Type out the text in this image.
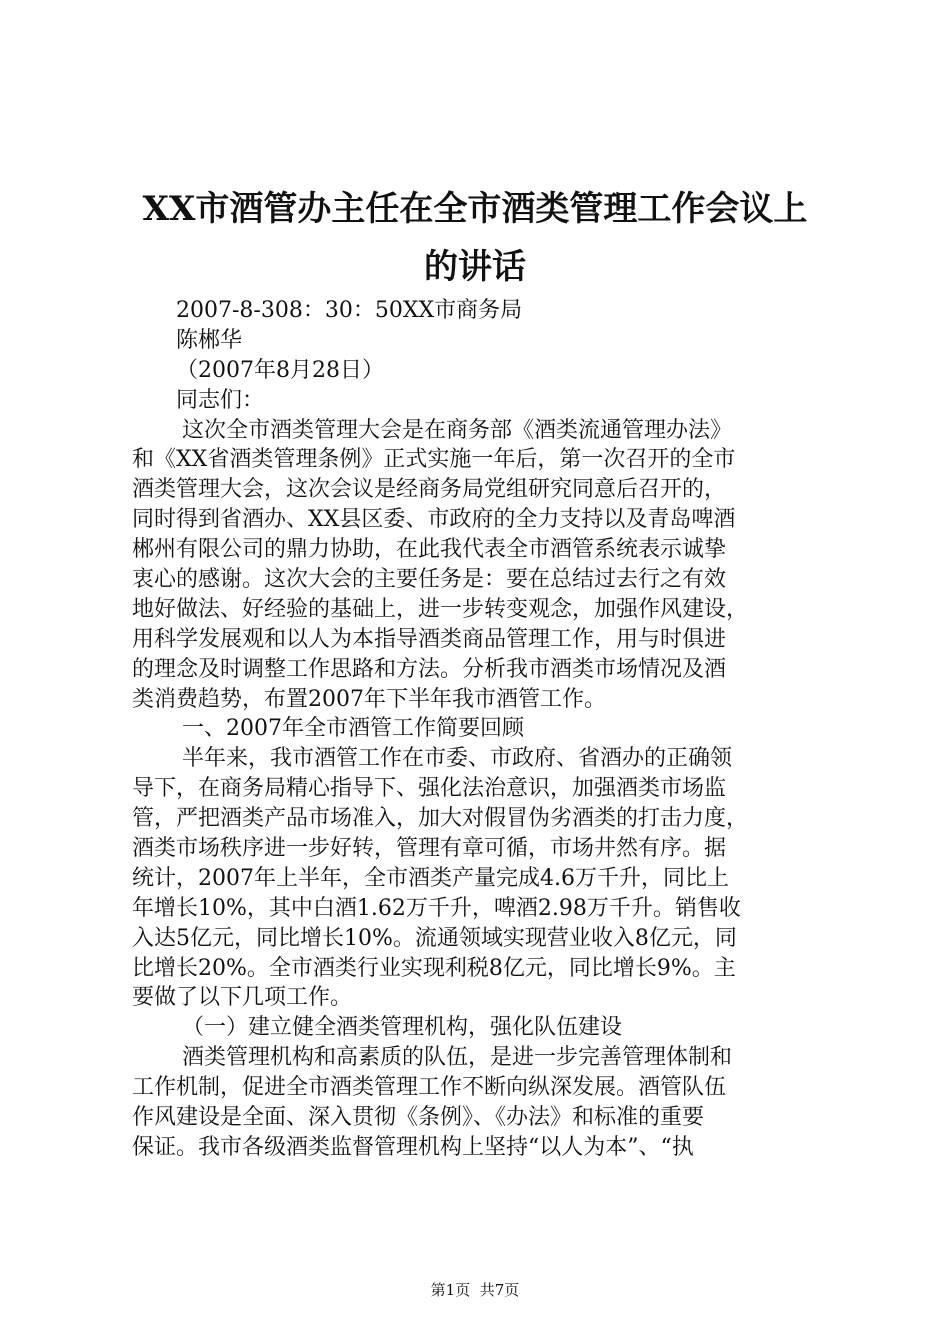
XX市酒管办主任在全市酒类管理工作会议上
的讲话
2007-8-308：30：50XX市商务局
陈郴华
（2007年8月28日）
同志们：
这次全市酒类管理大会是在商务部《酒类流通管理办法》
和《XX省酒类管理条例》正式实施一年后，第一次召开的全市
酒类管理大会，这次会议是经商务局党组研究同意后召开的，
同时得到省酒办、XX县区委、市政府的全力支持以及青岛啤酒
郴州有限公司的鼎力协助，在此我代表全市酒管系统表示诚挚
衷心的感谢。这次大会的主要任务是：要在总结过去行之有效
地好做法、好经验的基础上，进一步转变观念，加强作风建设，
用科学发展观和以人为本指导酒类商品管理工作，用与时俱进
的理念及时调整工作思路和方法。分析我市酒类市场情况及酒
类消费趋势，布置2007年下半年我市酒管工作。
一、2007年全市酒管工作简要回顾
半年来，我市酒管工作在市委、市政府、省酒办的正确领
导下，在商务局精心指导下、强化法治意识，加强酒类市场监
管，严把酒类产品市场准入，加大对假冒伪劣酒类的打击力度，
酒类市场秩序进一步好转，管理有章可循，市场井然有序。据
统计，2007年上半年，全市酒类产量完成4.6万千升，同比上
年增长10%，其中白酒1.62万千升，啤酒2.98万千升。销售收
入达5亿元，同比增长10%。流通领域实现营业收入8亿元，同
比增长20%。全市酒类行业实现利税8亿元，同比增长9%。主
要做了以下几项工作。
（一）建立健全酒类管理机构，强化队伍建设
酒类管理机构和高素质的队伍，是进一步完善管理体制和
工作机制，促进全市酒类管理工作不断向纵深发展。酒管队伍
作风建设是全面、深入贯彻《条例》、《办法》和标准的重要
保证。我市各级酒类监督管理机构上坚持“以人为本”、“执
第1页 共7页
